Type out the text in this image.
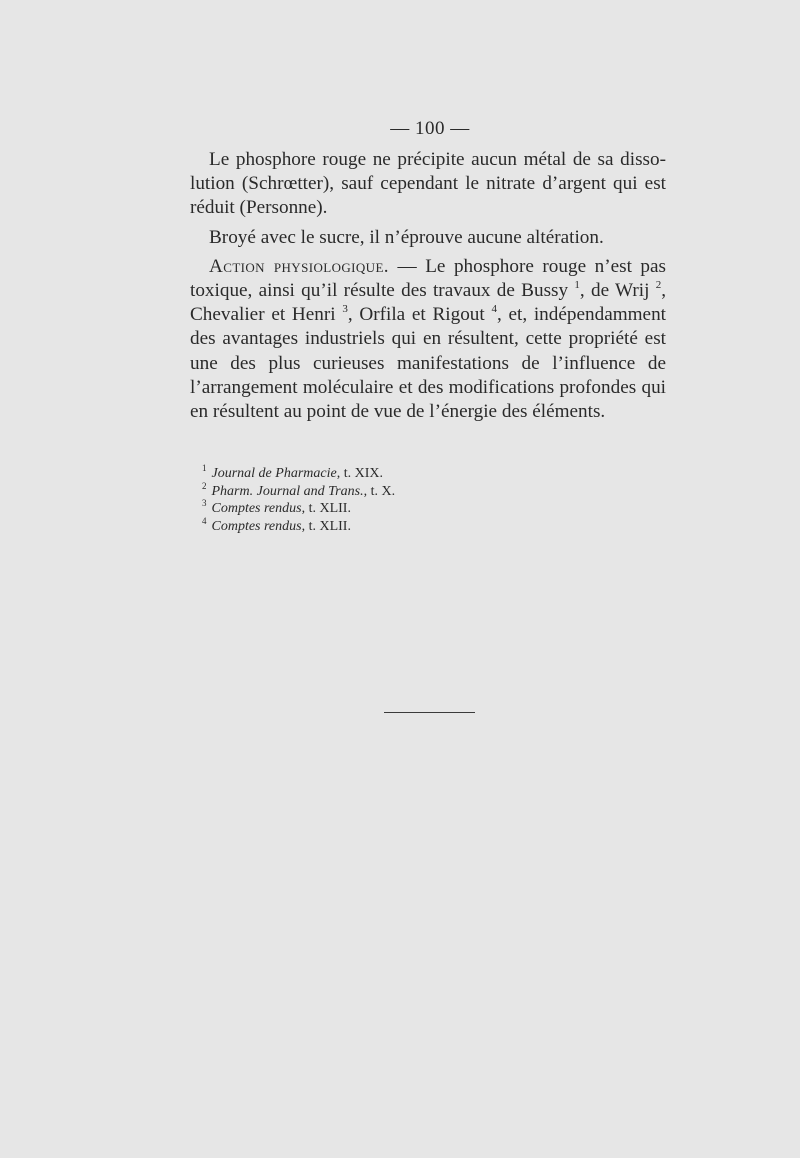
— 100 —

Le phosphore rouge ne précipite aucun métal de sa dissolution (Schrœtter), sauf cependant le nitrate d’argent qui est réduit (Personne).

Broyé avec le sucre, il n’éprouve aucune altération.

Action physiologique. — Le phosphore rouge n’est pas toxique, ainsi qu’il résulte des travaux de Bussy $^1$, de Wrij $^2$, Chevalier et Henri $^3$, Orfila et Rigout $^4$, et, indépendamment des avantages industriels qui en résultent, cette propriété est une des plus curieuses manifestations de l’influence de l’arrangement moléculaire et des modifications profondes qui en résultent au point de vue de l’énergie des éléments.

$^1$ Journal de Pharmacie, t. XIX.
$^2$ Pharm. Journal and Trans., t. X.
$^3$ Comptes rendus, t. XLII.
$^4$ Comptes rendus, t. XLII.
